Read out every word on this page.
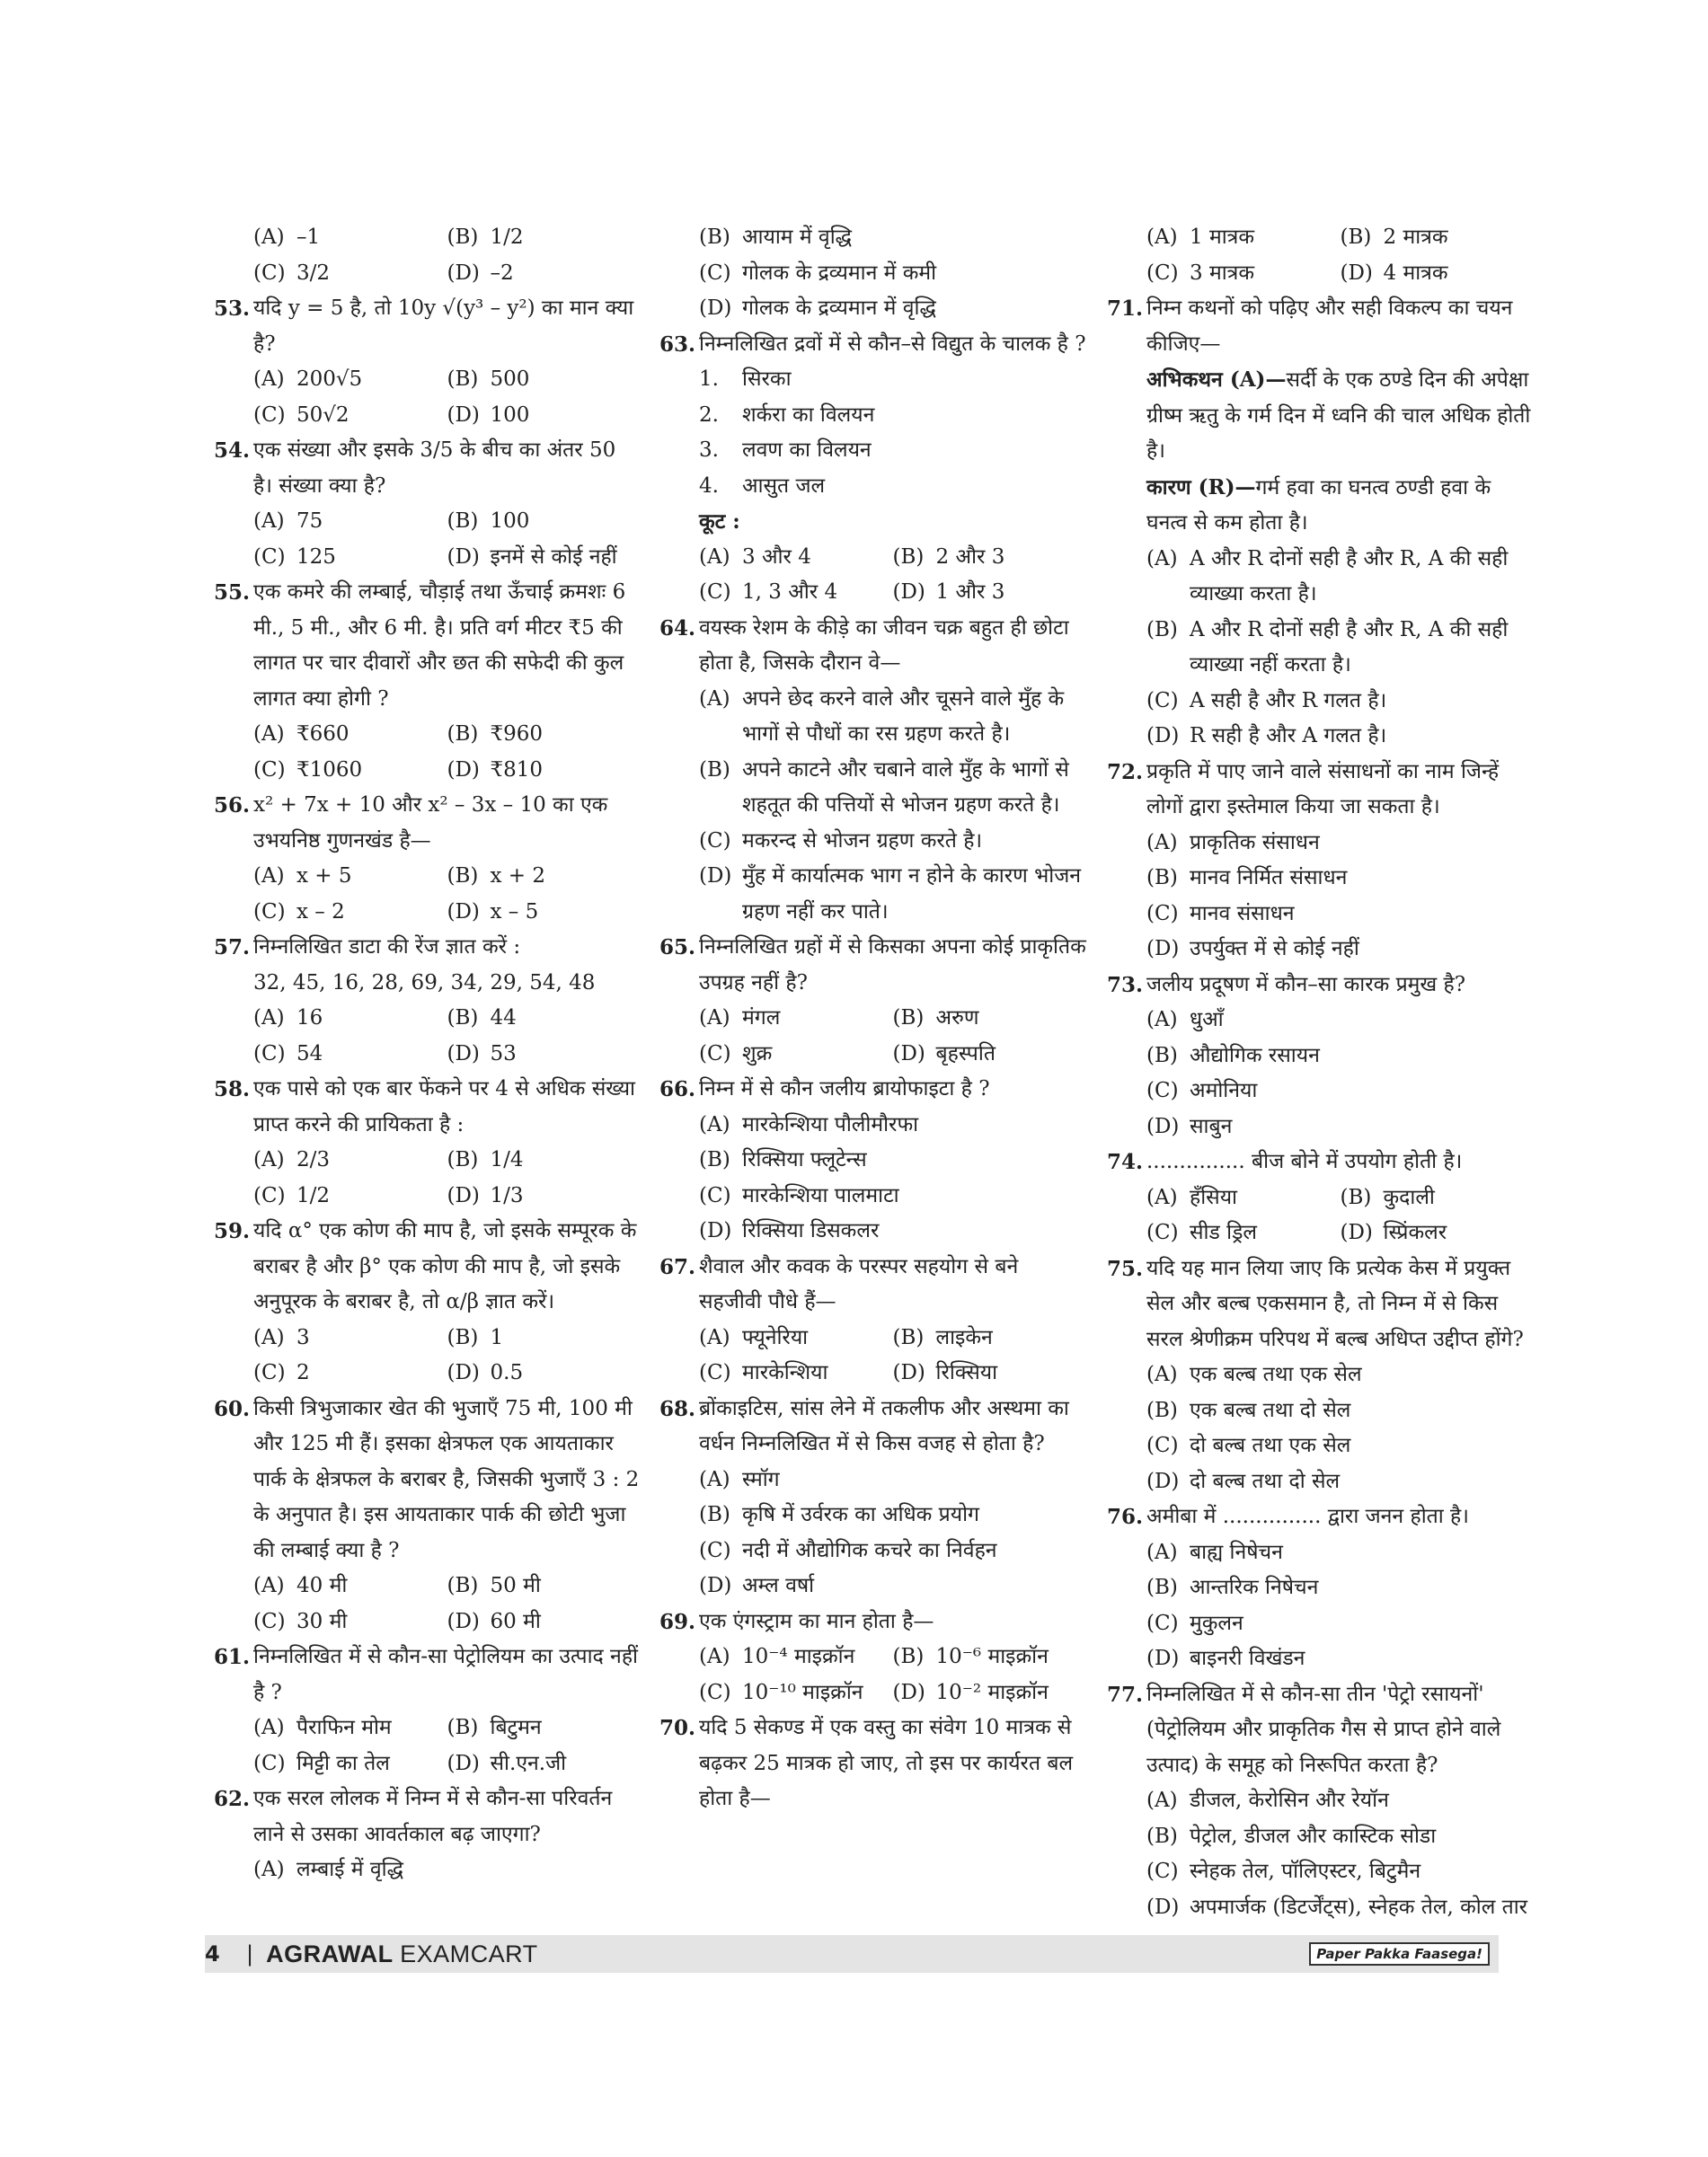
(A) –1	(B) 1/2
(C) 3/2	(D) –2
53. यदि y = 5 है, तो 10y √(y³ – y²) का मान क्या है?
(A) 200√5	(B) 500
(C) 50√2	(D) 100
54. एक संख्या और इसके 3/5 के बीच का अंतर 50 है। संख्या क्या है?
(A) 75	(B) 100
(C) 125	(D) इनमें से कोई नहीं
55. एक कमरे की लम्बाई, चौड़ाई तथा ऊँचाई क्रमशः 6 मी., 5 मी., और 6 मी. है। प्रति वर्ग मीटर ₹5 की लागत पर चार दीवारों और छत की सफेदी की कुल लागत क्या होगी ?
(A) ₹660	(B) ₹960
(C) ₹1060	(D) ₹810
56. x² + 7x + 10 और x² – 3x – 10 का एक उभयनिष्ठ गुणनखंड है—
(A) x + 5	(B) x + 2
(C) x – 2	(D) x – 5
57. निम्नलिखित डाटा की रेंज ज्ञात करें :
32, 45, 16, 28, 69, 34, 29, 54, 48
(A) 16	(B) 44
(C) 54	(D) 53
58. एक पासे को एक बार फेंकने पर 4 से अधिक संख्या प्राप्त करने की प्रायिकता है :
(A) 2/3	(B) 1/4
(C) 1/2	(D) 1/3
59. यदि α° एक कोण की माप है, जो इसके सम्पूरक के बराबर है और β° एक कोण की माप है, जो इसके अनुपूरक के बराबर है, तो α/β ज्ञात करें।
(A) 3	(B) 1
(C) 2	(D) 0.5
60. किसी त्रिभुजाकार खेत की भुजाएँ 75 मी, 100 मी और 125 मी हैं। इसका क्षेत्रफल एक आयताकार पार्क के क्षेत्रफल के बराबर है, जिसकी भुजाएँ 3 : 2 के अनुपात है। इस आयताकार पार्क की छोटी भुजा की लम्बाई क्या है ?
(A) 40 मी	(B) 50 मी
(C) 30 मी	(D) 60 मी
61. निम्नलिखित में से कौन-सा पेट्रोलियम का उत्पाद नहीं है ?
(A) पैराफिन मोम	(B) बिटुमन
(C) मिट्टी का तेल	(D) सी.एन.जी
62. एक सरल लोलक में निम्न में से कौन-सा परिवर्तन लाने से उसका आवर्तकाल बढ़ जाएगा?
(A) लम्बाई में वृद्धि
(B) आयाम में वृद्धि
(C) गोलक के द्रव्यमान में कमी
(D) गोलक के द्रव्यमान में वृद्धि
63. निम्नलिखित द्रवों में से कौन–से विद्युत के चालक है ?
1. सिरका
2. शर्करा का विलयन
3. लवण का विलयन
4. आसुत जल
कूट :
(A) 3 और 4	(B) 2 और 3
(C) 1, 3 और 4	(D) 1 और 3
64. वयस्क रेशम के कीड़े का जीवन चक्र बहुत ही छोटा होता है, जिसके दौरान वे—
(A) अपने छेद करने वाले और चूसने वाले मुँह के भागों से पौधों का रस ग्रहण करते है।
(B) अपने काटने और चबाने वाले मुँह के भागों से शहतूत की पत्तियों से भोजन ग्रहण करते है।
(C) मकरन्द से भोजन ग्रहण करते है।
(D) मुँह में कार्यात्मक भाग न होने के कारण भोजन ग्रहण नहीं कर पाते।
65. निम्नलिखित ग्रहों में से किसका अपना कोई प्राकृतिक उपग्रह नहीं है?
(A) मंगल	(B) अरुण
(C) शुक्र	(D) बृहस्पति
66. निम्न में से कौन जलीय ब्रायोफाइटा है ?
(A) मारकेन्शिया पौलीमौरफा
(B) रिक्सिया फ्लूटेन्स
(C) मारकेन्शिया पालमाटा
(D) रिक्सिया डिसकलर
67. शैवाल और कवक के परस्पर सहयोग से बने सहजीवी पौधे हैं—
(A) फ्यूनेरिया	(B) लाइकेन
(C) मारकेन्शिया	(D) रिक्सिया
68. ब्रोंकाइटिस, सांस लेने में तकलीफ और अस्थमा का वर्धन निम्नलिखित में से किस वजह से होता है?
(A) स्मॉग
(B) कृषि में उर्वरक का अधिक प्रयोग
(C) नदी में औद्योगिक कचरे का निर्वहन
(D) अम्ल वर्षा
69. एक एंगस्ट्राम का मान होता है—
(A) 10⁻⁴ माइक्रॉन	(B) 10⁻⁶ माइक्रॉन
(C) 10⁻¹⁰ माइक्रॉन	(D) 10⁻² माइक्रॉन
70. यदि 5 सेकण्ड में एक वस्तु का संवेग 10 मात्रक से बढ़कर 25 मात्रक हो जाए, तो इस पर कार्यरत बल होता है—
(A) 1 मात्रक	(B) 2 मात्रक
(C) 3 मात्रक	(D) 4 मात्रक
71. निम्न कथनों को पढ़िए और सही विकल्प का चयन कीजिए—
अभिकथन (A)—सर्दी के एक ठण्डे दिन की अपेक्षा ग्रीष्म ऋतु के गर्म दिन में ध्वनि की चाल अधिक होती है।
कारण (R)—गर्म हवा का घनत्व ठण्डी हवा के घनत्व से कम होता है।
(A) A और R दोनों सही है और R, A की सही व्याख्या करता है।
(B) A और R दोनों सही है और R, A की सही व्याख्या नहीं करता है।
(C) A सही है और R गलत है।
(D) R सही है और A गलत है।
72. प्रकृति में पाए जाने वाले संसाधनों का नाम जिन्हें लोगों द्वारा इस्तेमाल किया जा सकता है।
(A) प्राकृतिक संसाधन
(B) मानव निर्मित संसाधन
(C) मानव संसाधन
(D) उपर्युक्त में से कोई नहीं
73. जलीय प्रदूषण में कौन–सा कारक प्रमुख है?
(A) धुआँ
(B) औद्योगिक रसायन
(C) अमोनिया
(D) साबुन
74. ............... बीज बोने में उपयोग होती है।
(A) हँसिया	(B) कुदाली
(C) सीड ड्रिल	(D) स्प्रिंकलर
75. यदि यह मान लिया जाए कि प्रत्येक केस में प्रयुक्त सेल और बल्ब एकसमान है, तो निम्न में से किस सरल श्रेणीक्रम परिपथ में बल्ब अधिप्त उद्दीप्त होंगे?
(A) एक बल्ब तथा एक सेल
(B) एक बल्ब तथा दो सेल
(C) दो बल्ब तथा एक सेल
(D) दो बल्ब तथा दो सेल
76. अमीबा में ............... द्वारा जनन होता है।
(A) बाह्य निषेचन
(B) आन्तरिक निषेचन
(C) मुकुलन
(D) बाइनरी विखंडन
77. निम्नलिखित में से कौन-सा तीन 'पेट्रो रसायनों' (पेट्रोलियम और प्राकृतिक गैस से प्राप्त होने वाले उत्पाद) के समूह को निरूपित करता है?
(A) डीजल, केरोसिन और रेयॉन
(B) पेट्रोल, डीजल और कास्टिक सोडा
(C) स्नेहक तेल, पॉलिएस्टर, बिटुमैन
(D) अपमार्जक (डिटर्जेंट्स), स्नेहक तेल, कोल तार
4	| AGRAWAL EXAMCART	Paper Pakka Faasega!
